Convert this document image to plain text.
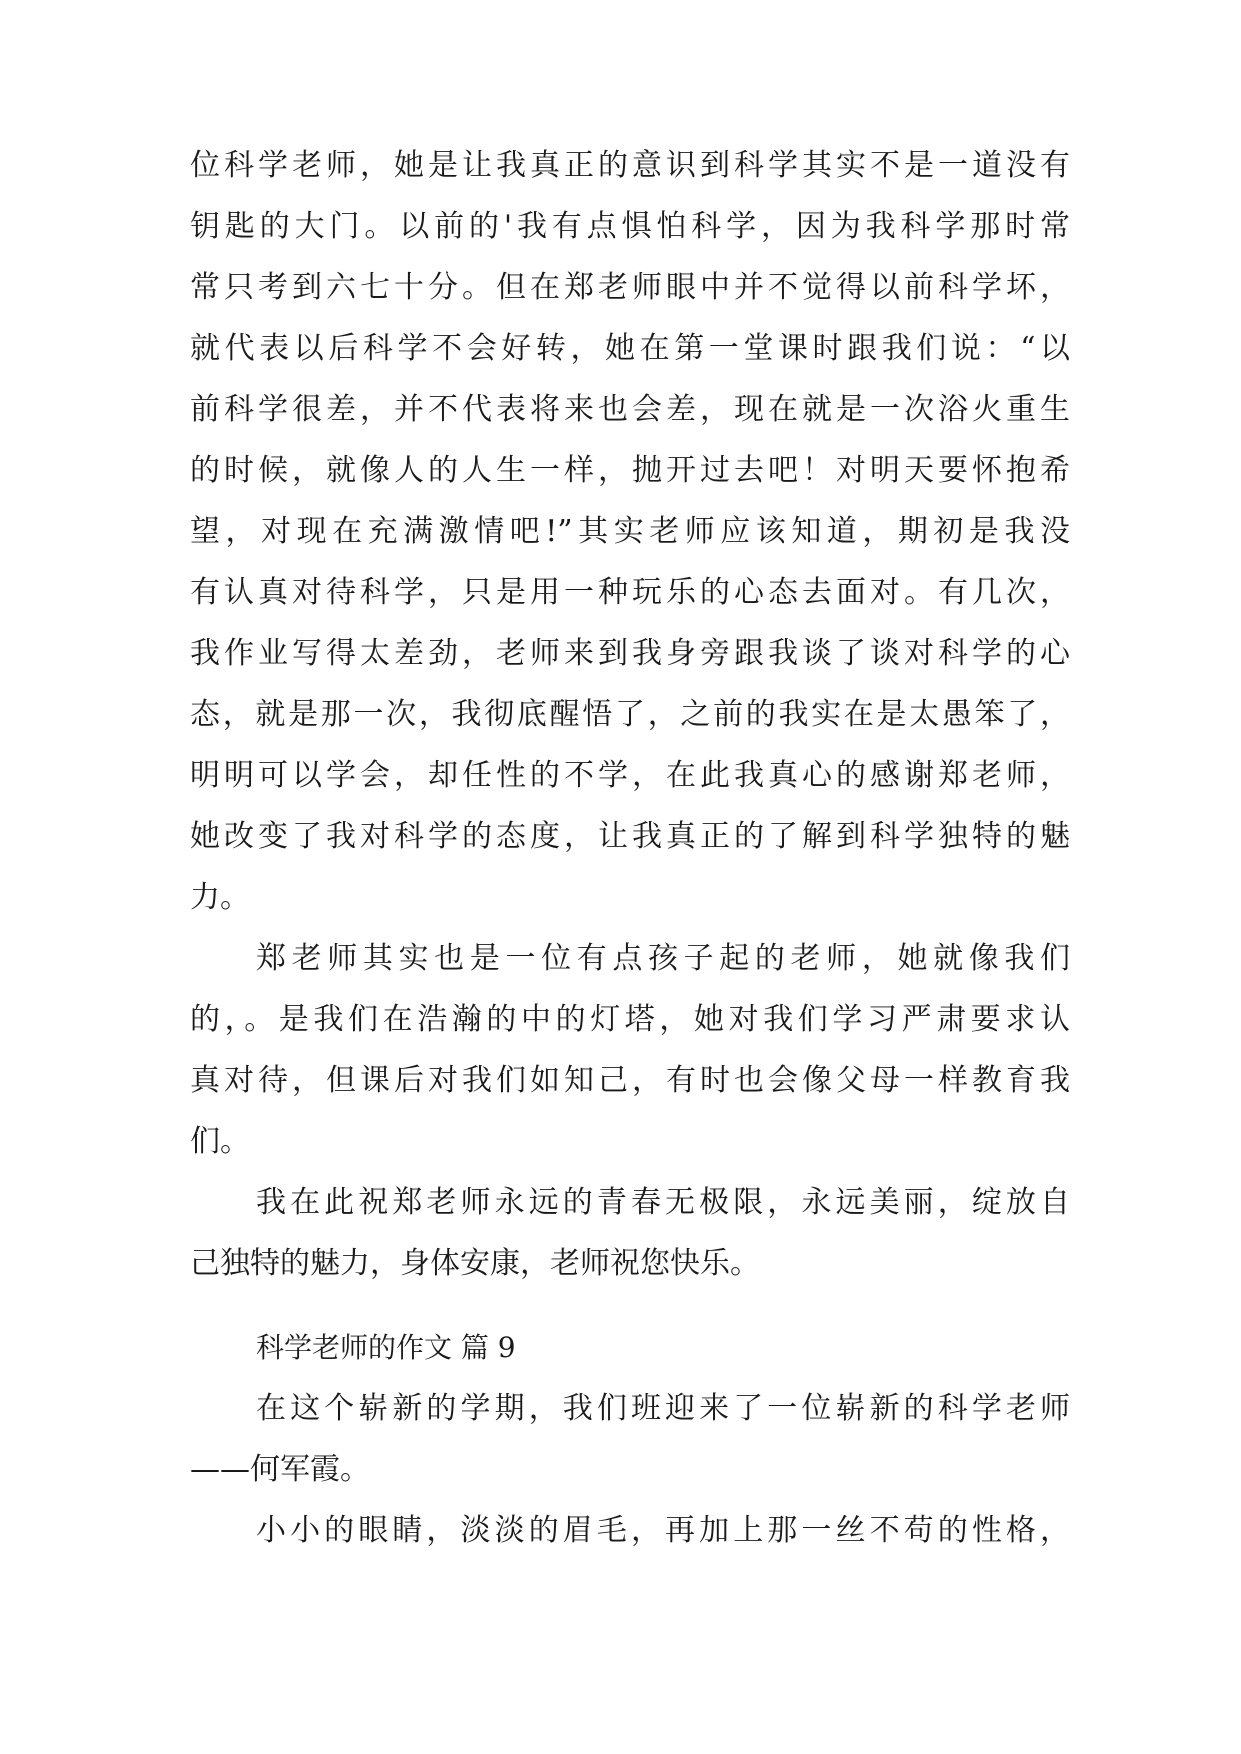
位科学老师，她是让我真正的意识到科学其实不是一道没有
钥匙的大门。以前的'我有点惧怕科学，因为我科学那时常
常只考到六七十分。但在郑老师眼中并不觉得以前科学坏，
就代表以后科学不会好转，她在第一堂课时跟我们说：“以
前科学很差，并不代表将来也会差，现在就是一次浴火重生
的时候，就像人的人生一样，抛开过去吧！对明天要怀抱希
望，对现在充满激情吧!”其实老师应该知道，期初是我没
有认真对待科学，只是用一种玩乐的心态去面对。有几次，
我作业写得太差劲，老师来到我身旁跟我谈了谈对科学的心
态，就是那一次，我彻底醒悟了，之前的我实在是太愚笨了，
明明可以学会，却任性的不学，在此我真心的感谢郑老师，
她改变了我对科学的态度，让我真正的了解到科学独特的魅
力。
郑老师其实也是一位有点孩子起的老师，她就像我们
的，。是我们在浩瀚的中的灯塔，她对我们学习严肃要求认
真对待，但课后对我们如知己，有时也会像父母一样教育我
们。
我在此祝郑老师永远的青春无极限，永远美丽，绽放自
己独特的魅力，身体安康，老师祝您快乐。
科学老师的作文 篇 9
在这个崭新的学期，我们班迎来了一位崭新的科学老师
——何军霞。
小小的眼睛，淡淡的眉毛，再加上那一丝不苟的性格，
